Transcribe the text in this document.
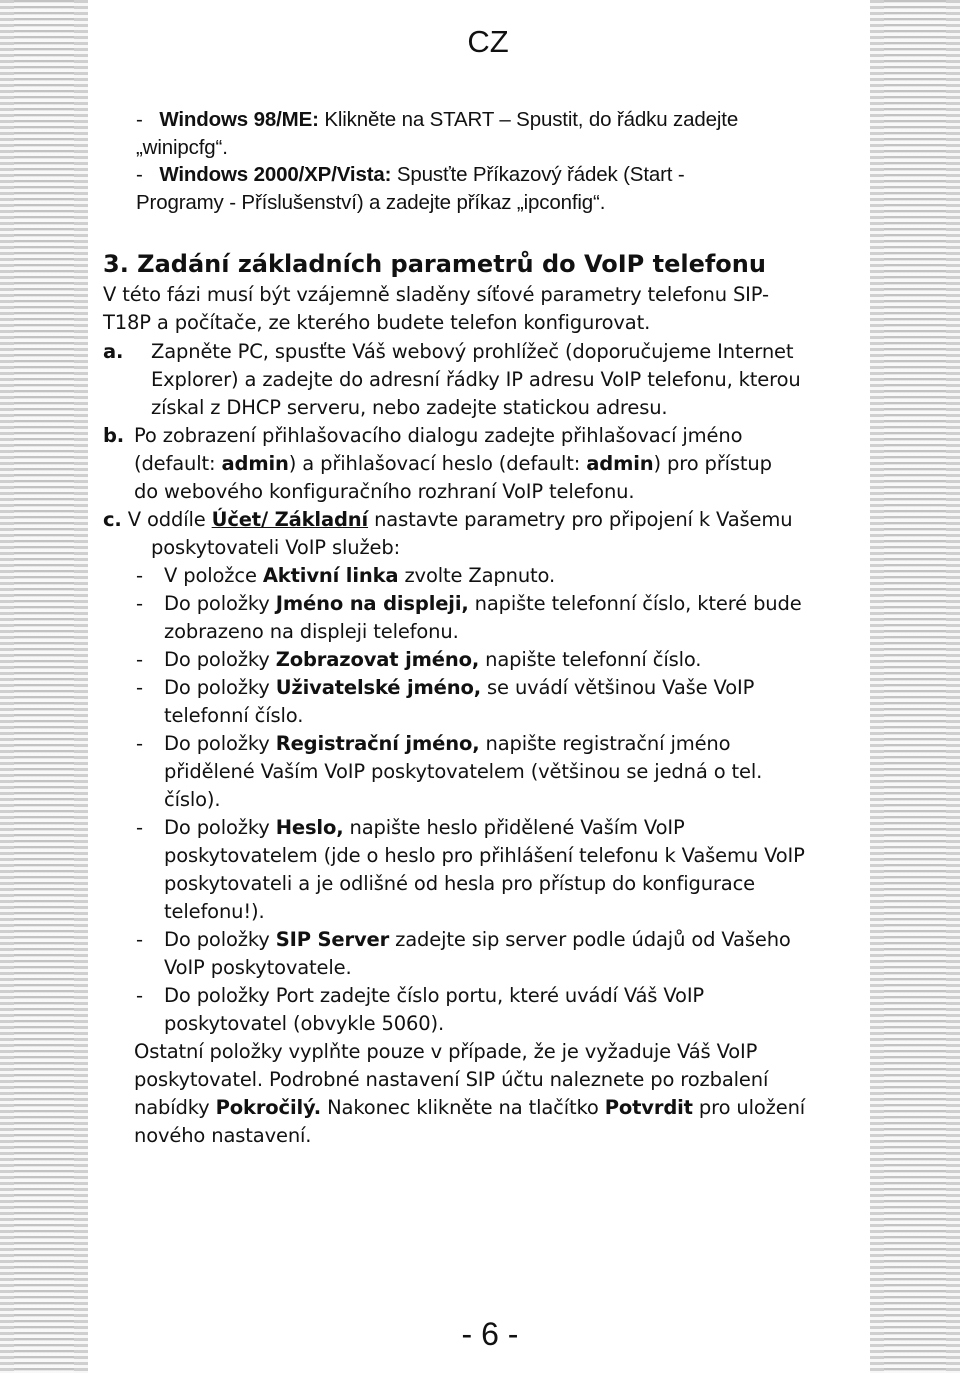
CZ
- Windows 98/ME: Klikněte na START – Spustit, do řádku zadejte
„winipcfg“.
- Windows 2000/XP/Vista: Spusťte Příkazový řádek (Start -
Programy - Příslušenství) a zadejte příkaz „ipconfig“.
3. Zadání základních parametrů do VoIP telefonu
V této fázi musí být vzájemně sladěny síťové parametry telefonu SIP-
T18P a počítače, ze kterého budete telefon konfigurovat.
a. Zapněte PC, spusťte Váš webový prohlížeč (doporučujeme Internet
Explorer) a zadejte do adresní řádky IP adresu VoIP telefonu, kterou
získal z DHCP serveru, nebo zadejte statickou adresu.
b. Po zobrazení přihlašovacího dialogu zadejte přihlašovací jméno
(default: admin) a přihlašovací heslo (default: admin) pro přístup
do webového konfiguračního rozhraní VoIP telefonu.
c. V oddíle Účet/ Základní nastavte parametry pro připojení k Vašemu
poskytovateli VoIP služeb:
- V položce Aktivní linka zvolte Zapnuto.
- Do položky Jméno na displeji, napište telefonní číslo, které bude
zobrazeno na displeji telefonu.
- Do položky Zobrazovat jméno, napište telefonní číslo.
- Do položky Uživatelské jméno, se uvádí většinou Vaše VoIP
telefonní číslo.
- Do položky Registrační jméno, napište registrační jméno
přidělené Vaším VoIP poskytovatelem (většinou se jedná o tel.
číslo).
- Do položky Heslo, napište heslo přidělené Vaším VoIP
poskytovatelem (jde o heslo pro přihlášení telefonu k Vašemu VoIP
poskytovateli a je odlišné od hesla pro přístup do konfigurace
telefonu!).
- Do položky SIP Server zadejte sip server podle údajů od Vašeho
VoIP poskytovatele.
- Do položky Port zadejte číslo portu, které uvádí Váš VoIP
poskytovatel (obvykle 5060).
Ostatní položky vyplňte pouze v případe, že je vyžaduje Váš VoIP
poskytovatel. Podrobné nastavení SIP účtu naleznete po rozbalení
nabídky Pokročilý. Nakonec klikněte na tlačítko Potvrdit pro uložení
nového nastavení.
- 6 -
